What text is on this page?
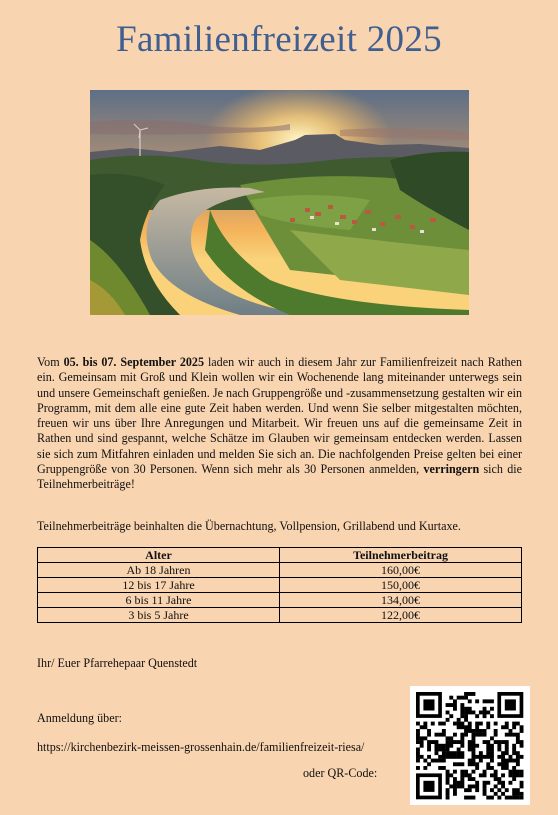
Familienfreizeit 2025

Vom 05. bis 07. September 2025 laden wir auch in diesem Jahr zur Familienfreizeit nach Rathen ein. Gemeinsam mit Groß und Klein wollen wir ein Wochenende lang miteinander unterwegs sein und unsere Gemeinschaft genießen. Je nach Gruppengröße und -zusammensetzung gestalten wir ein Programm, mit dem alle eine gute Zeit haben werden. Und wenn Sie selber mitgestalten möchten, freuen wir uns über Ihre Anregungen und Mitarbeit. Wir freuen uns auf die gemeinsame Zeit in Rathen und sind gespannt, welche Schätze im Glauben wir gemeinsam entdecken werden. Lassen sie sich zum Mitfahren einladen und melden Sie sich an. Die nachfolgenden Preise gelten bei einer Gruppengröße von 30 Personen. Wenn sich mehr als 30 Personen anmelden, verringern sich die Teilnehmerbeiträge!

Teilnehmerbeiträge beinhalten die Übernachtung, Vollpension, Grillabend und Kurtaxe.
Alter	Teilnehmerbeitrag
Ab 18 Jahren	160,00€
12 bis 17 Jahre	150,00€
6 bis 11 Jahre	134,00€
3 bis 5 Jahre	122,00€
Ihr/ Euer Pfarrehepaar Quenstedt
Anmeldung über:
https://kirchenbezirk-meissen-grossenhain.de/familienfreizeit-riesa/
oder QR-Code:
